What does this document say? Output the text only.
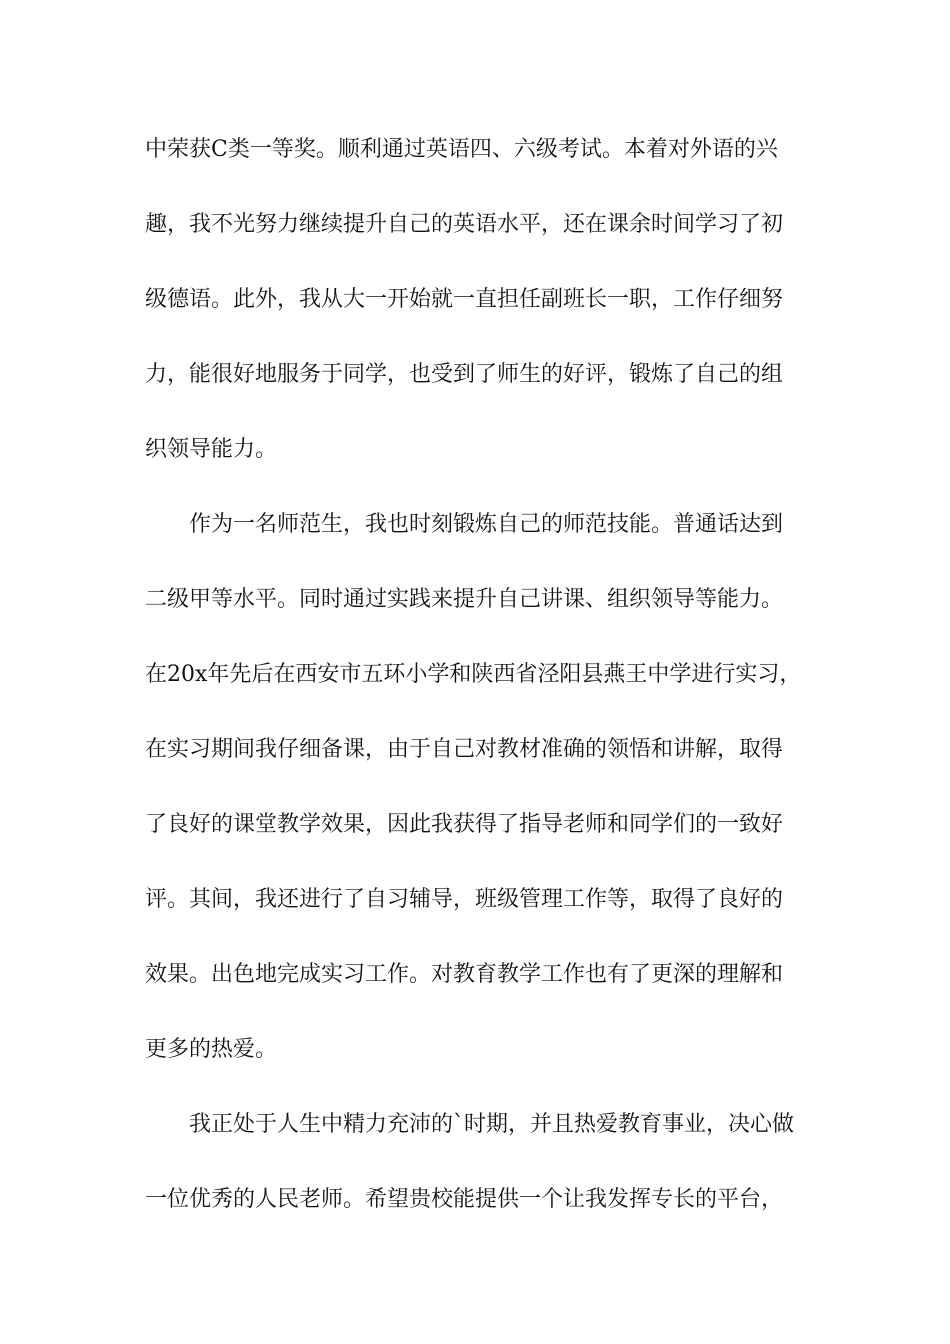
中荣获C类一等奖。顺利通过英语四、六级考试。本着对外语的兴
趣，我不光努力继续提升自己的英语水平，还在课余时间学习了初
级德语。此外，我从大一开始就一直担任副班长一职，工作仔细努
力，能很好地服务于同学，也受到了师生的好评，锻炼了自己的组
织领导能力。
　　作为一名师范生，我也时刻锻炼自己的师范技能。普通话达到
二级甲等水平。同时通过实践来提升自己讲课、组织领导等能力。
在20x年先后在西安市五环小学和陕西省泾阳县燕王中学进行实习，
在实习期间我仔细备课，由于自己对教材准确的领悟和讲解，取得
了良好的课堂教学效果，因此我获得了指导老师和同学们的一致好
评。其间，我还进行了自习辅导，班级管理工作等，取得了良好的
效果。出色地完成实习工作。对教育教学工作也有了更深的理解和
更多的热爱。
　　我正处于人生中精力充沛的`时期，并且热爱教育事业，决心做
一位优秀的人民老师。希望贵校能提供一个让我发挥专长的平台，
